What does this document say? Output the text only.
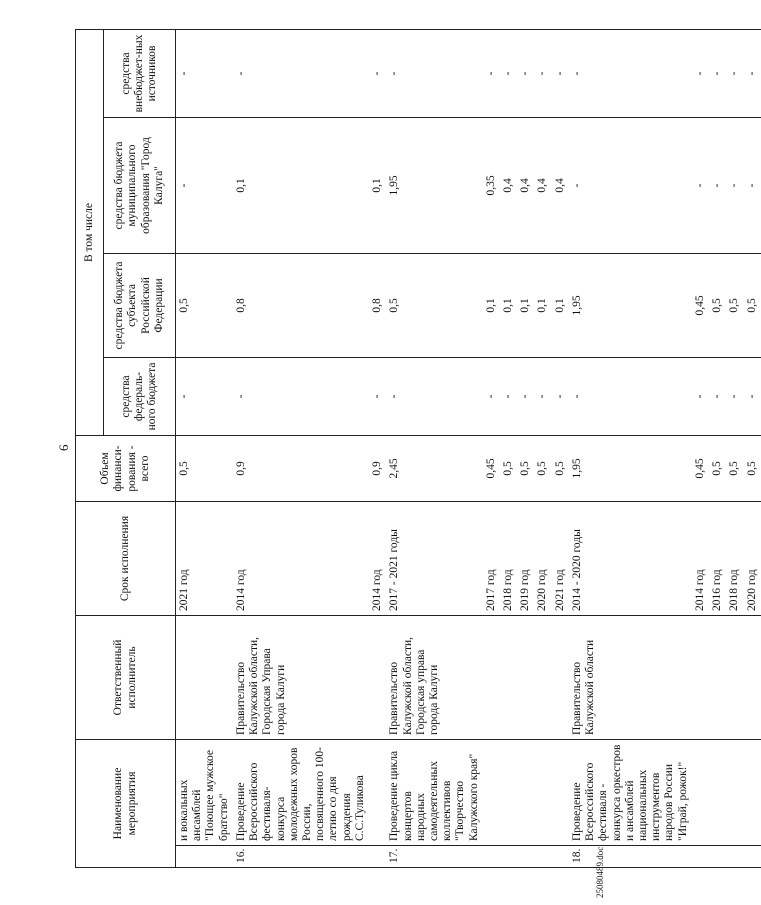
6
25080489.doc
Наименование мероприятия		Ответственный исполнитель	Срок исполнения	Объем финанси-рования - всего	В том числе			
					средства федераль-ного бюджета	средства бюджета субъекта Российской Федерации	средства бюджета муниципального образования "Город Калуга"	средства внебюджет-ных источников
	и вокальных ансамблей "Поющее мужское братство"		2021 год	0,5	-	0,5	-	-
16.	Проведение Всероссийского фестиваля-конкурса молодежных хоров России, посвященного 100-летию со дня рождения С.С.Туликова	Правительство Калужской области, Городская Управа города Калуги	2014 год	0,9	-	0,8	0,1	-
			2014 год	0,9	-	0,8	0,1	-
17.	Проведение цикла концертов народных самодеятельных коллективов "Творчество Калужского края"	Правительство Калужской области, Городская управа города Калуги	2017 - 2021 годы	2,45	-	0,5	1,95	-
			2017 год	0,45	-	0,1	0,35	-
			2018 год	0,5	-	0,1	0,4	-
			2019 год	0,5	-	0,1	0,4	-
			2020 год	0,5	-	0,1	0,4	-
			2021 год	0,5	-	0,1	0,4	-
18.	Проведение Всероссийского фестиваля - конкурса оркестров и ансамблей национальных инструментов народов России "Играй, рожок!"	Правительство Калужской области	2014 - 2020 годы	1,95	-	1,95	-	-
			2014 год	0,45	-	0,45	-	-
			2016 год	0,5	-	0,5	-	-
			2018 год	0,5	-	0,5	-	-
			2020 год	0,5	-	0,5	-	-
